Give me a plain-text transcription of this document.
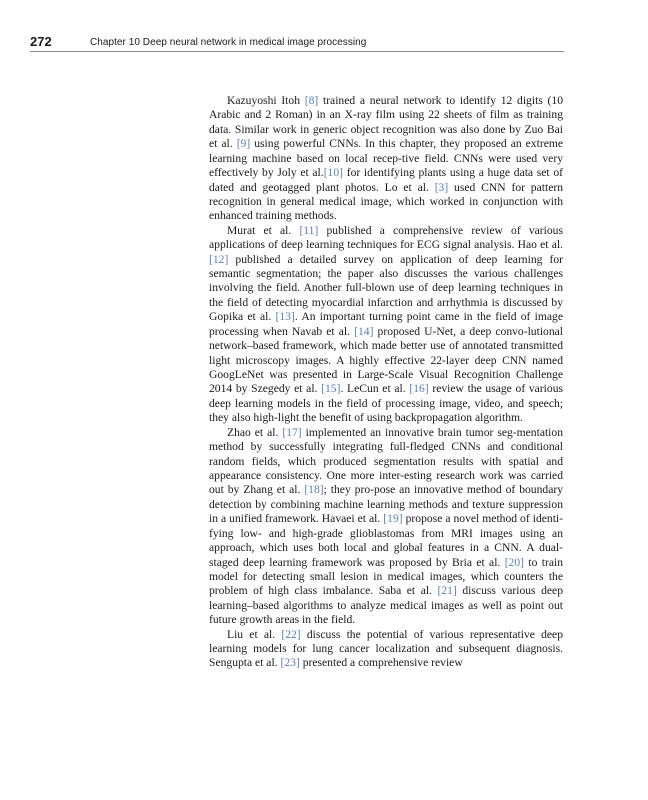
272	Chapter 10 Deep neural network in medical image processing

Kazuyoshi Itoh [8] trained a neural network to identify 12 digits (10 Arabic and 2 Roman) in an X-ray film using 22 sheets of film as training data. Similar work in generic object recognition was also done by Zuo Bai et al. [9] using powerful CNNs. In this chapter, they proposed an extreme learning machine based on local recep-tive field. CNNs were used very effectively by Joly et al.[10] for identifying plants using a huge data set of dated and geotagged plant photos. Lo et al. [3] used CNN for pattern recognition in general medical image, which worked in conjunction with enhanced training methods.

Murat et al. [11] published a comprehensive review of various applications of deep learning techniques for ECG signal analysis. Hao et al. [12] published a detailed survey on application of deep learning for semantic segmentation; the paper also discusses the various challenges involving the field. Another full-blown use of deep learning techniques in the field of detecting myocardial infarction and arrhythmia is discussed by Gopika et al. [13]. An important turning point came in the field of image processing when Navab et al. [14] proposed U-Net, a deep convo-lutional network–based framework, which made better use of annotated transmitted light microscopy images. A highly effective 22-layer deep CNN named GoogLeNet was presented in Large-Scale Visual Recognition Challenge 2014 by Szegedy et al. [15]. LeCun et al. [16] review the usage of various deep learning models in the field of processing image, video, and speech; they also high-light the benefit of using backpropagation algorithm.

Zhao et al. [17] implemented an innovative brain tumor seg-mentation method by successfully integrating full-fledged CNNs and conditional random fields, which produced segmentation results with spatial and appearance consistency. One more inter-esting research work was carried out by Zhang et al. [18]; they pro-pose an innovative method of boundary detection by combining machine learning methods and texture suppression in a unified framework. Havaei et al. [19] propose a novel method of identi-fying low- and high-grade glioblastomas from MRI images using an approach, which uses both local and global features in a CNN. A dual-staged deep learning framework was proposed by Bria et al. [20] to train model for detecting small lesion in medical images, which counters the problem of high class imbalance. Saba et al. [21] discuss various deep learning–based algorithms to analyze medical images as well as point out future growth areas in the field.

Liu et al. [22] discuss the potential of various representative deep learning models for lung cancer localization and subsequent diagnosis. Sengupta et al. [23] presented a comprehensive review
